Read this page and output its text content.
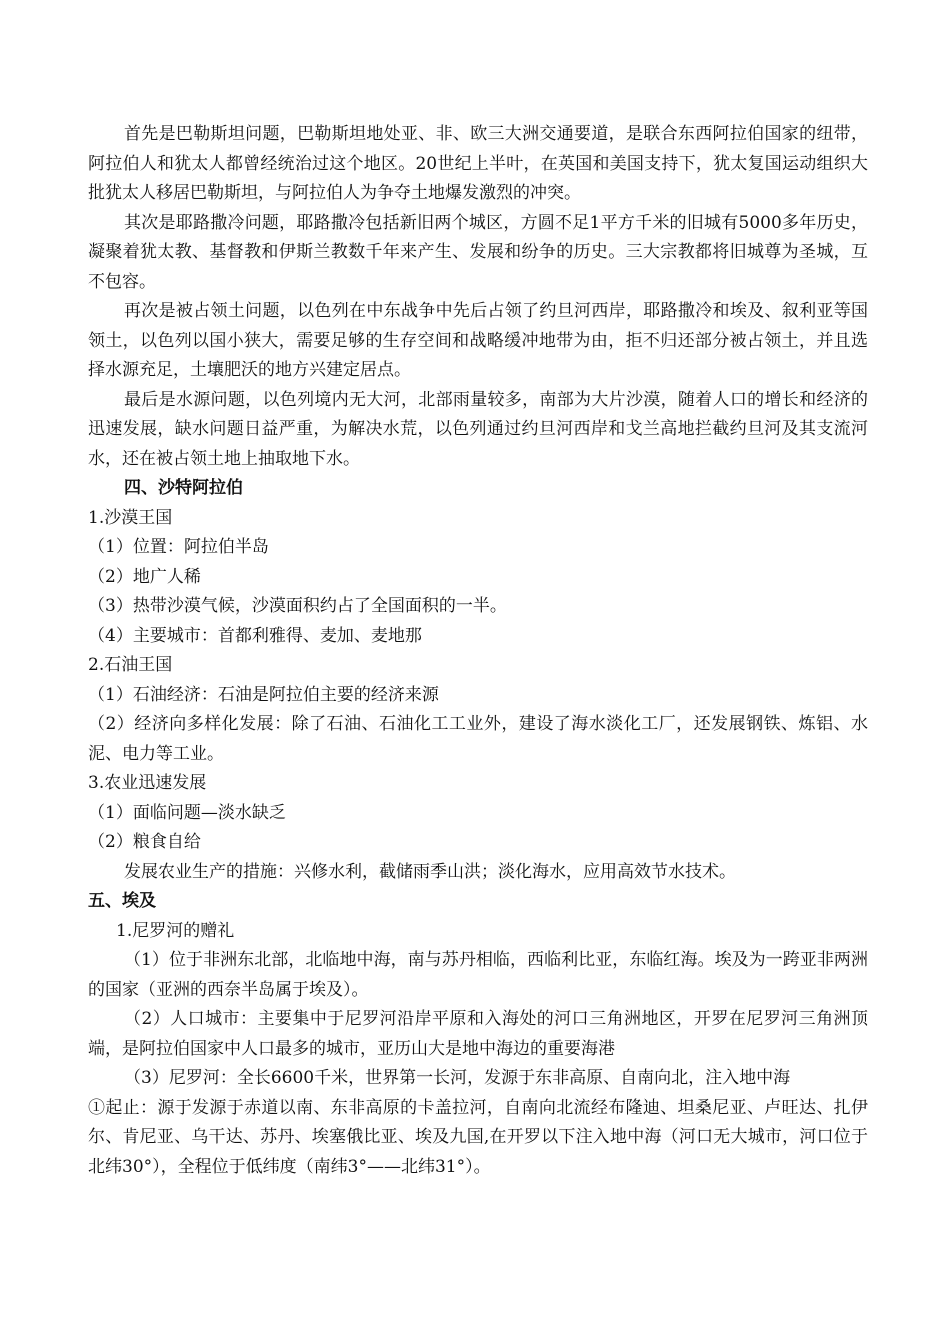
首先是巴勒斯坦问题，巴勒斯坦地处亚、非、欧三大洲交通要道，是联合东西阿拉伯国家的纽带，阿拉伯人和犹太人都曾经统治过这个地区。20世纪上半叶，在英国和美国支持下，犹太复国运动组织大批犹太人移居巴勒斯坦，与阿拉伯人为争夺土地爆发激烈的冲突。

其次是耶路撒冷问题，耶路撒冷包括新旧两个城区，方圆不足1平方千米的旧城有5000多年历史，凝聚着犹太教、基督教和伊斯兰教数千年来产生、发展和纷争的历史。三大宗教都将旧城尊为圣城，互不包容。

再次是被占领土问题，以色列在中东战争中先后占领了约旦河西岸，耶路撒冷和埃及、叙利亚等国领土，以色列以国小狭大，需要足够的生存空间和战略缓冲地带为由，拒不归还部分被占领土，并且选择水源充足，土壤肥沃的地方兴建定居点。

最后是水源问题，以色列境内无大河，北部雨量较多，南部为大片沙漠，随着人口的增长和经济的迅速发展，缺水问题日益严重，为解决水荒，以色列通过约旦河西岸和戈兰高地拦截约旦河及其支流河水，还在被占领土地上抽取地下水。

四、沙特阿拉伯

1.沙漠王国

（1）位置：阿拉伯半岛

（2）地广人稀

（3）热带沙漠气候，沙漠面积约占了全国面积的一半。

（4）主要城市：首都利雅得、麦加、麦地那

2.石油王国

（1）石油经济：石油是阿拉伯主要的经济来源

（2）经济向多样化发展：除了石油、石油化工工业外，建设了海水淡化工厂，还发展钢铁、炼铝、水泥、电力等工业。

3.农业迅速发展

（1）面临问题—淡水缺乏

（2）粮食自给

发展农业生产的措施：兴修水利，截储雨季山洪；淡化海水，应用高效节水技术。

五、埃及

1.尼罗河的赠礼

（1）位于非洲东北部，北临地中海，南与苏丹相临，西临利比亚，东临红海。埃及为一跨亚非两洲的国家（亚洲的西奈半岛属于埃及）。

（2）人口城市：主要集中于尼罗河沿岸平原和入海处的河口三角洲地区，开罗在尼罗河三角洲顶端，是阿拉伯国家中人口最多的城市，亚历山大是地中海边的重要海港

（3）尼罗河：全长6600千米，世界第一长河，发源于东非高原、自南向北，注入地中海

①起止：源于发源于赤道以南、东非高原的卡盖拉河，自南向北流经布隆迪、坦桑尼亚、卢旺达、扎伊尔、肯尼亚、乌干达、苏丹、埃塞俄比亚、埃及九国,在开罗以下注入地中海（河口无大城市，河口位于北纬30°），全程位于低纬度（南纬3°——北纬31°）。
